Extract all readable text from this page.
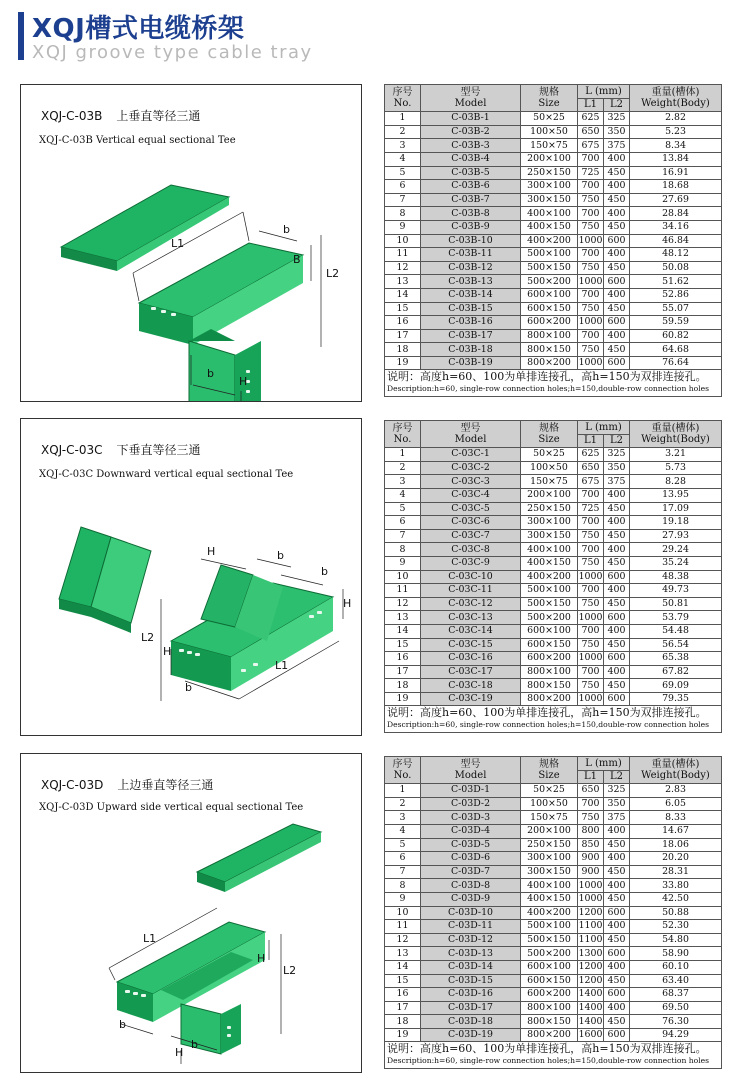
XQJ槽式电缆桥架
XQJ groove type cable tray
XQJ-C-03B 上垂直等径三通
XQJ-C-03B Vertical equal sectional Tee
L1
b
B
L2
b
H
序号
No.	型号
Model	规格
Size	L (mm)		重量(槽体)
Weight(Body)
			L1	L2	
1	C-03B-1	50×25	625	325	2.82
2	C-03B-2	100×50	650	350	5.23
3	C-03B-3	150×75	675	375	8.34
4	C-03B-4	200×100	700	400	13.84
5	C-03B-5	250×150	725	450	16.91
6	C-03B-6	300×100	700	400	18.68
7	C-03B-7	300×150	750	450	27.69
8	C-03B-8	400×100	700	400	28.84
9	C-03B-9	400×150	750	450	34.16
10	C-03B-10	400×200	1000	600	46.84
11	C-03B-11	500×100	700	400	48.12
12	C-03B-12	500×150	750	450	50.08
13	C-03B-13	500×200	1000	600	51.62
14	C-03B-14	600×100	700	400	52.86
15	C-03B-15	600×150	750	450	55.07
16	C-03B-16	600×200	1000	600	59.59
17	C-03B-17	800×100	700	400	60.82
18	C-03B-18	800×150	750	450	64.68
19	C-03B-19	800×200	1000	600	76.64

说明：高度h=60、100为单排连接孔，高h=150为双排连接孔。
Description:h=60, single-row connection holes;h=150,double-row connection holes					
XQJ-C-03C 下垂直等径三通
XQJ-C-03C Downward vertical equal sectional Tee
H	b
b
H
L2
H
L1
b
序号
No.	型号
Model	规格
Size	L (mm)		重量(槽体)
Weight(Body)
			L1	L2	
1	C-03C-1	50×25	625	325	3.21
2	C-03C-2	100×50	650	350	5.73
3	C-03C-3	150×75	675	375	8.28
4	C-03C-4	200×100	700	400	13.95
5	C-03C-5	250×150	725	450	17.09
6	C-03C-6	300×100	700	400	19.18
7	C-03C-7	300×150	750	450	27.93
8	C-03C-8	400×100	700	400	29.24
9	C-03C-9	400×150	750	450	35.24
10	C-03C-10	400×200	1000	600	48.38
11	C-03C-11	500×100	700	400	49.73
12	C-03C-12	500×150	750	450	50.81
13	C-03C-13	500×200	1000	600	53.79
14	C-03C-14	600×100	700	400	54.48
15	C-03C-15	600×150	750	450	56.54
16	C-03C-16	600×200	1000	600	65.38
17	C-03C-17	800×100	700	400	67.82
18	C-03C-18	800×150	750	450	69.09
19	C-03C-19	800×200	1000	600	79.35

说明：高度h=60、100为单排连接孔，高h=150为双排连接孔。
Description:h=60, single-row connection holes;h=150,double-row connection holes					
XQJ-C-03D 上边垂直等径三通
XQJ-C-03D Upward side vertical equal sectional Tee
L1
H
L2
b
b
H
序号
No.	型号
Model	规格
Size	L (mm)		重量(槽体)
Weight(Body)
			L1	L2	
1	C-03D-1	50×25	650	325	2.83
2	C-03D-2	100×50	700	350	6.05
3	C-03D-3	150×75	750	375	8.33
4	C-03D-4	200×100	800	400	14.67
5	C-03D-5	250×150	850	450	18.06
6	C-03D-6	300×100	900	400	20.20
7	C-03D-7	300×150	900	450	28.31
8	C-03D-8	400×100	1000	400	33.80
9	C-03D-9	400×150	1000	450	42.50
10	C-03D-10	400×200	1200	600	50.88
11	C-03D-11	500×100	1100	400	52.30
12	C-03D-12	500×150	1100	450	54.80
13	C-03D-13	500×200	1300	600	58.90
14	C-03D-14	600×100	1200	400	60.10
15	C-03D-15	600×150	1200	450	63.40
16	C-03D-16	600×200	1400	600	68.37
17	C-03D-17	800×100	1400	400	69.50
18	C-03D-18	800×150	1400	450	76.30
19	C-03D-19	800×200	1600	600	94.29

说明：高度h=60、100为单排连接孔，高h=150为双排连接孔。
Description:h=60, single-row connection holes;h=150,double-row connection holes					
